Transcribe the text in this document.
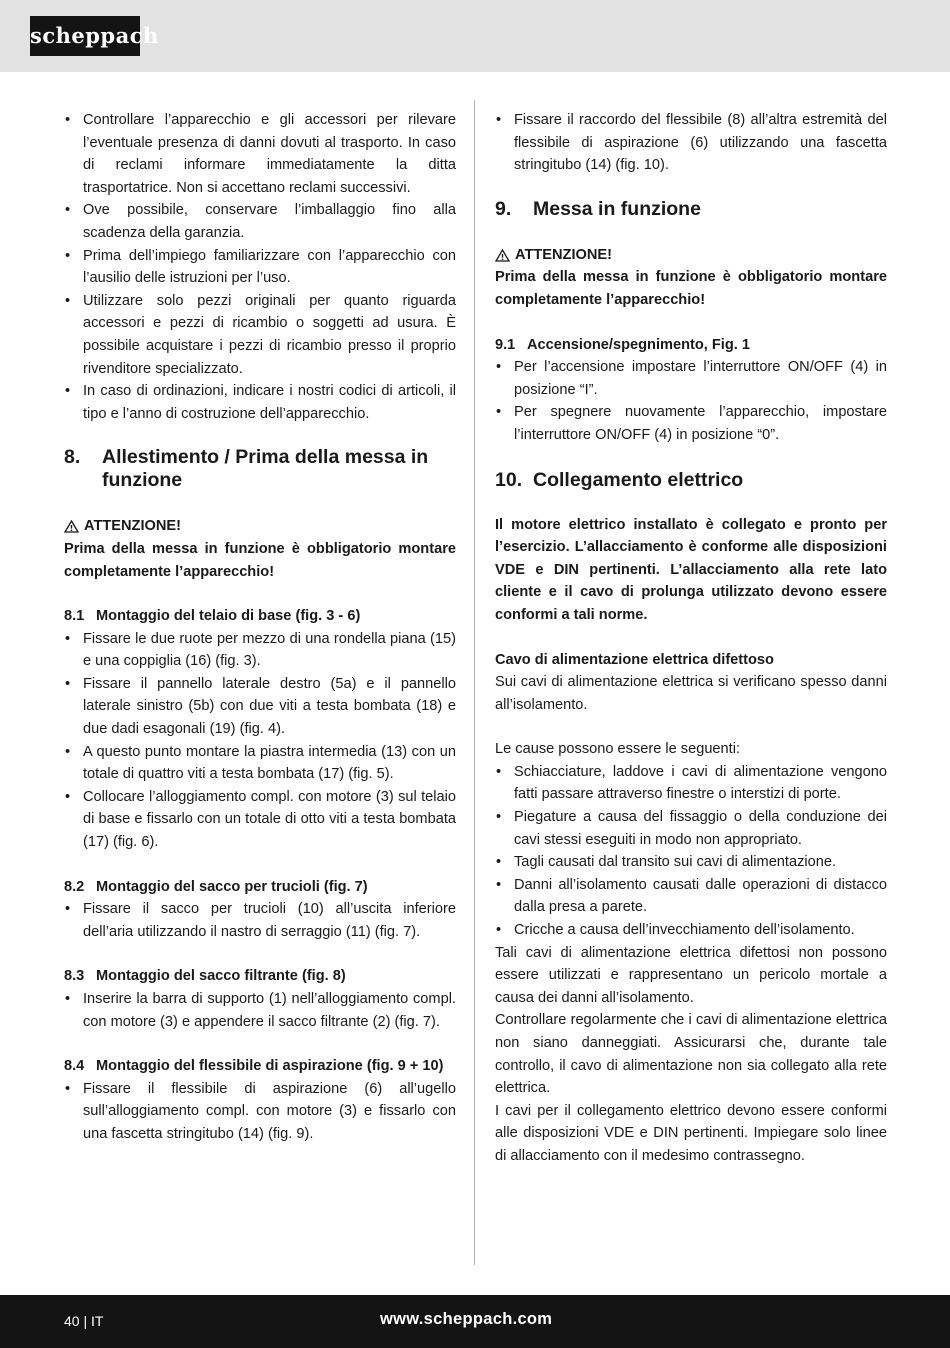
scheppach
• Controllare l’apparecchio e gli accessori per rilevare l’eventuale presenza di danni dovuti al trasporto. In caso di reclami informare immediatamente la ditta trasportatrice. Non si accettano reclami successivi.
• Ove possibile, conservare l’imballaggio fino alla scadenza della garanzia.
• Prima dell’impiego familiarizzare con l’apparecchio con l’ausilio delle istruzioni per l’uso.
• Utilizzare solo pezzi originali per quanto riguarda accessori e pezzi di ricambio o soggetti ad usura. È possibile acquistare i pezzi di ricambio presso il proprio rivenditore specializzato.
• In caso di ordinazioni, indicare i nostri codici di articoli, il tipo e l’anno di costruzione dell’apparecchio.
8.	Allestimento / Prima della messa in funzione
ATTENZIONE!

Prima della messa in funzione è obbligatorio montare completamente l’apparecchio!

8.1 Montaggio del telaio di base (fig. 3 - 6)
• Fissare le due ruote per mezzo di una rondella piana (15) e una coppiglia (16) (fig. 3).
• Fissare il pannello laterale destro (5a) e il pannello laterale sinistro (5b) con due viti a testa bombata (18) e due dadi esagonali (19) (fig. 4).
• A questo punto montare la piastra intermedia (13) con un totale di quattro viti a testa bombata (17) (fig. 5).
• Collocare l’alloggiamento compl. con motore (3) sul telaio di base e fissarlo con un totale di otto viti a testa bombata (17) (fig. 6).
8.2 Montaggio del sacco per trucioli (fig. 7)
• Fissare il sacco per trucioli (10) all’uscita inferiore dell’aria utilizzando il nastro di serraggio (11) (fig. 7).
8.3 Montaggio del sacco filtrante (fig. 8)
• Inserire la barra di supporto (1) nell’alloggiamento compl. con motore (3) e appendere il sacco filtrante (2) (fig. 7).
8.4 Montaggio del flessibile di aspirazione (fig. 9 + 10)
• Fissare il flessibile di aspirazione (6) all’ugello sull’alloggiamento compl. con motore (3) e fissarlo con una fascetta stringitubo (14) (fig. 9).
• Fissare il raccordo del flessibile (8) all’altra estremità del flessibile di aspirazione (6) utilizzando una fascetta stringitubo (14) (fig. 10).
9.	Messa in funzione
ATTENZIONE!

Prima della messa in funzione è obbligatorio montare completamente l’apparecchio!

9.1 Accensione/spegnimento, Fig. 1
• Per l’accensione impostare l’interruttore ON/OFF (4) in posizione “I”.
• Per spegnere nuovamente l’apparecchio, impostare l’interruttore ON/OFF (4) in posizione “0”.
10. Collegamento elettrico

Il motore elettrico installato è collegato e pronto per l’esercizio. L’allacciamento è conforme alle disposizioni VDE e DIN pertinenti. L’allacciamento alla rete lato cliente e il cavo di prolunga utilizzato devono essere conformi a tali norme.

Cavo di alimentazione elettrica difettoso

Sui cavi di alimentazione elettrica si verificano spesso danni all’isolamento.

Le cause possono essere le seguenti:

• Schiacciature, laddove i cavi di alimentazione vengono fatti passare attraverso finestre o interstizi di porte.
• Piegature a causa del fissaggio o della conduzione dei cavi stessi eseguiti in modo non appropriato.
• Tagli causati dal transito sui cavi di alimentazione.
• Danni all’isolamento causati dalle operazioni di distacco dalla presa a parete.
• Cricche a causa dell’invecchiamento dell’isolamento.

Tali cavi di alimentazione elettrica difettosi non possono essere utilizzati e rappresentano un pericolo mortale a causa dei danni all’isolamento.

Controllare regolarmente che i cavi di alimentazione elettrica non siano danneggiati. Assicurarsi che, durante tale controllo, il cavo di alimentazione non sia collegato alla rete elettrica.

I cavi per il collegamento elettrico devono essere conformi alle disposizioni VDE e DIN pertinenti. Impiegare solo linee di allacciamento con il medesimo contrassegno.

40 | IT	www.scheppach.com
